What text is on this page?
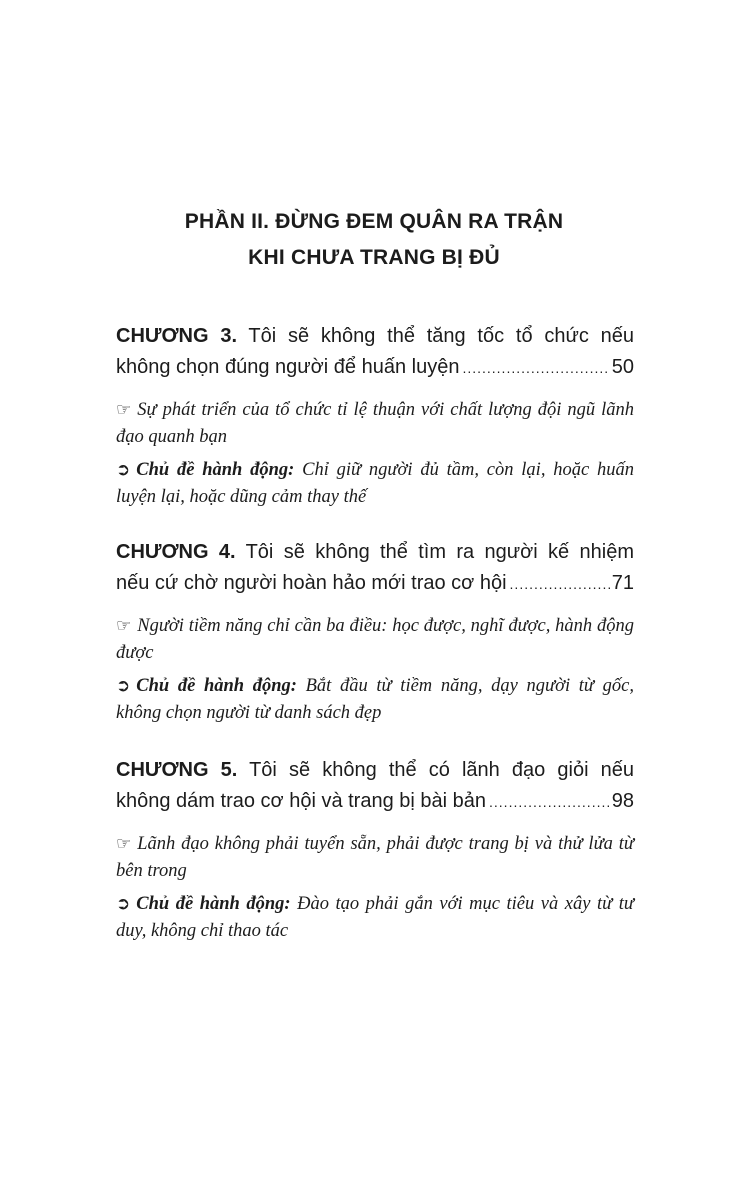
PHẦN II. ĐỪNG ĐEM QUÂN RA TRẬN
KHI CHƯA TRANG BỊ ĐỦ
CHƯƠNG 3. Tôi sẽ không thể tăng tốc tổ chức nếu
không chọn đúng người để huấn luyện .....	50
☞ Sự phát triển của tổ chức tỉ lệ thuận với chất lượng đội ngũ lãnh đạo quanh bạn
➲ Chủ đề hành động: Chỉ giữ người đủ tầm, còn lại, hoặc huấn luyện lại, hoặc dũng cảm thay thế
CHƯƠNG 4. Tôi sẽ không thể tìm ra người kế nhiệm
nếu cứ chờ người hoàn hảo mới trao cơ hội .....	71
☞ Người tiềm năng chỉ cần ba điều: học được, nghĩ được, hành động được
➲ Chủ đề hành động: Bắt đầu từ tiềm năng, dạy người từ gốc, không chọn người từ danh sách đẹp
CHƯƠNG 5. Tôi sẽ không thể có lãnh đạo giỏi nếu
không dám trao cơ hội và trang bị bài bản .....	98
☞ Lãnh đạo không phải tuyển sẵn, phải được trang bị và thử lửa từ bên trong
➲ Chủ đề hành động: Đào tạo phải gắn với mục tiêu và xây từ tư duy, không chỉ thao tác
